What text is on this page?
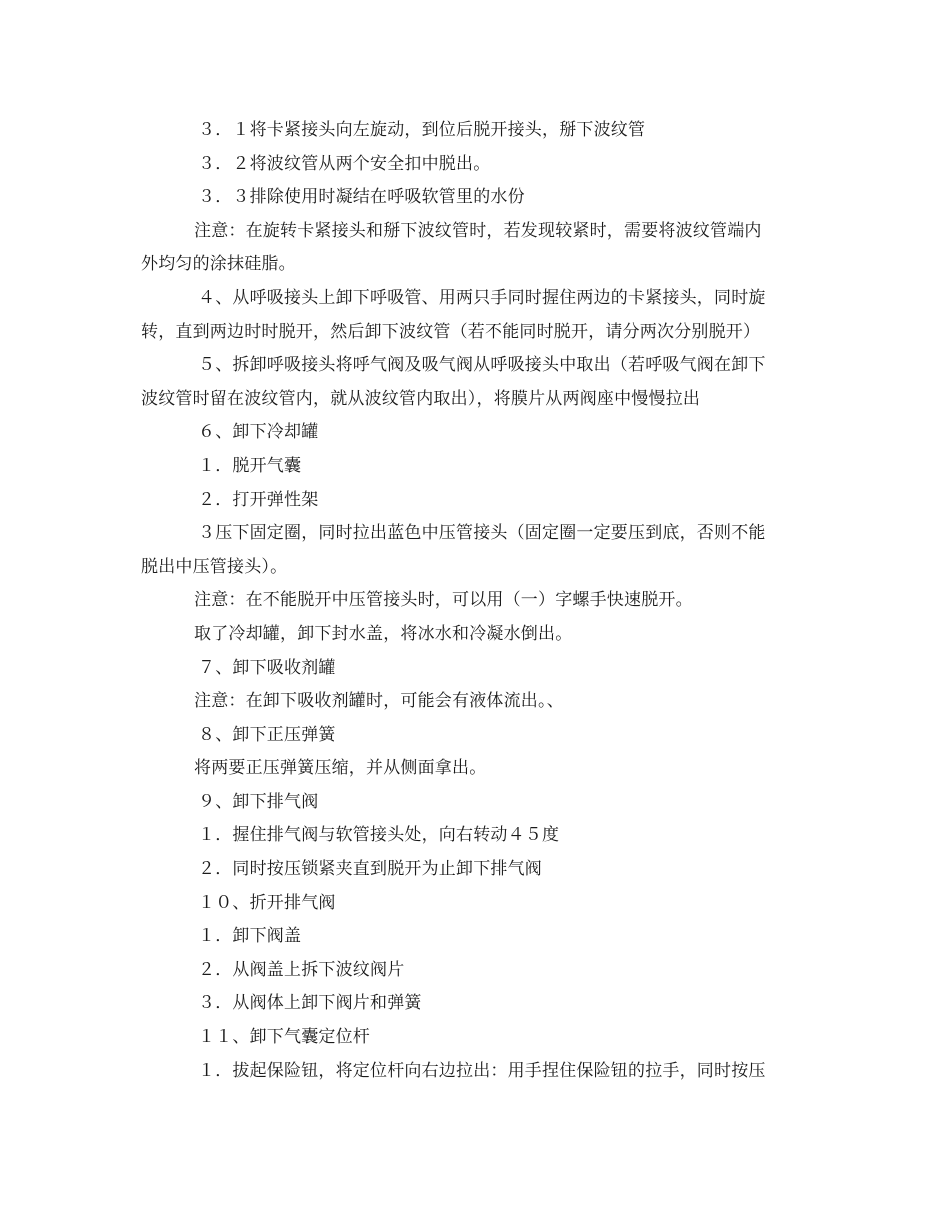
３．１将卡紧接头向左旋动，到位后脱开接头，掰下波纹管
３．２将波纹管从两个安全扣中脱出。
３．３排除使用时凝结在呼吸软管里的水份
注意：在旋转卡紧接头和掰下波纹管时，若发现较紧时，需要将波纹管端内
外均匀的涂抹硅脂。
４、从呼吸接头上卸下呼吸管、用两只手同时握住两边的卡紧接头，同时旋
转，直到两边时时脱开，然后卸下波纹管（若不能同时脱开，请分两次分别脱开）
５、拆卸呼吸接头将呼气阀及吸气阀从呼吸接头中取出（若呼吸气阀在卸下
波纹管时留在波纹管内，就从波纹管内取出），将膜片从两阀座中慢慢拉出
６、卸下冷却罐
１．脱开气囊
２．打开弹性架
３压下固定圈，同时拉出蓝色中压管接头（固定圈一定要压到底，否则不能
脱出中压管接头）。
注意：在不能脱开中压管接头时，可以用（一）字螺手快速脱开。
取了冷却罐，卸下封水盖，将冰水和冷凝水倒出。
７、卸下吸收剂罐
注意：在卸下吸收剂罐时，可能会有液体流出。、
８、卸下正压弹簧
将两要正压弹簧压缩，并从侧面拿出。
９、卸下排气阀
１．握住排气阀与软管接头处，向右转动４５度
２．同时按压锁紧夹直到脱开为止卸下排气阀
１０、折开排气阀
１．卸下阀盖
２．从阀盖上拆下波纹阀片
３．从阀体上卸下阀片和弹簧
１１、卸下气囊定位杆
１．拔起保险钮，将定位杆向右边拉出：用手捏住保险钮的拉手，同时按压
